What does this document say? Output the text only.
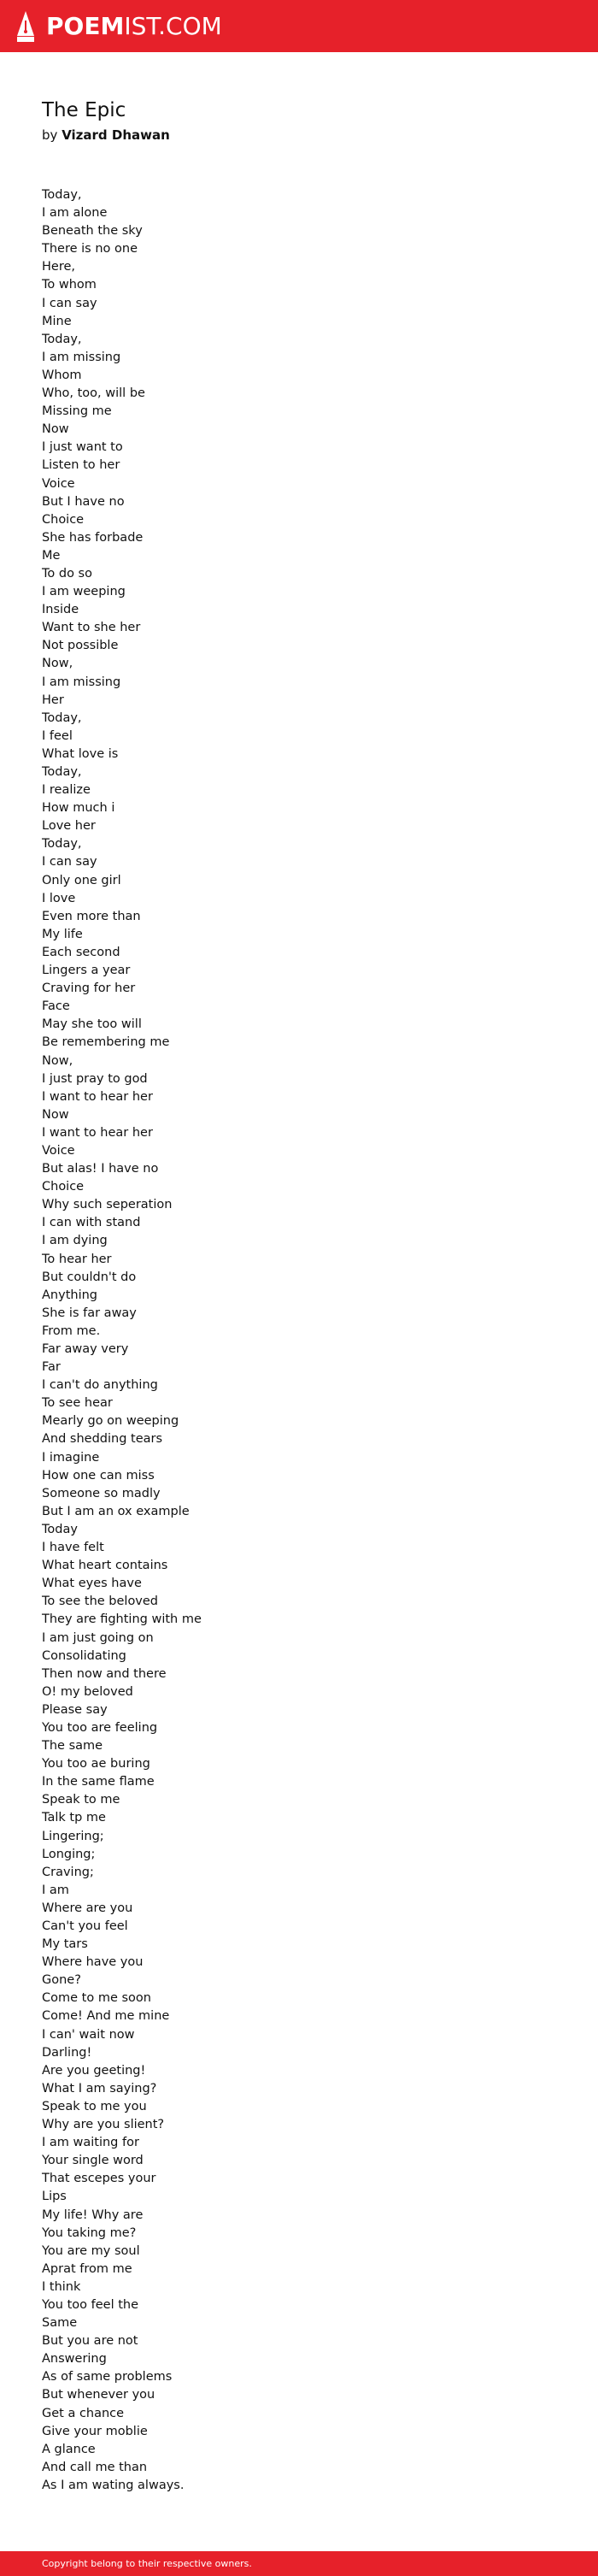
POEMIST.COM
The Epic
by Vizard Dhawan
Today,
I am alone
Beneath the sky
There is no one
Here,
To whom
I can say
Mine
Today,
I am missing
Whom
Who, too, will be
Missing me
Now
I just want to
Listen to her
Voice
But I have no
Choice
She has forbade
Me
To do so
I am weeping
Inside
Want to she her
Not possible
Now,
I am missing
Her
Today,
I feel
What love is
Today,
I realize
How much i
Love her
Today,
I can say
Only one girl
I love
Even more than
My life
Each second
Lingers a year
Craving for her
Face
May she too will
Be remembering me
Now,
I just pray to god
I want to hear her
Now
I want to hear her
Voice
But alas! I have no
Choice
Why such seperation
I can with stand
I am dying
To hear her
But couldn't do
Anything
She is far away
From me.
Far away very
Far
I can't do anything
To see hear
Mearly go on weeping
And shedding tears
I imagine
How one can miss
Someone so madly
But I am an ox example
Today
I have felt
What heart contains
What eyes have
To see the beloved
They are fighting with me
I am just going on
Consolidating
Then now and there
O! my beloved
Please say
You too are feeling
The same
You too ae buring
In the same flame
Speak to me
Talk tp me
Lingering;
Longing;
Craving;
I am
Where are you
Can't you feel
My tars
Where have you
Gone?
Come to me soon
Come! And me mine
I can' wait now
Darling!
Are you geeting!
What I am saying?
Speak to me you
Why are you slient?
I am waiting for
Your single word
That escepes your
Lips
My life! Why are
You taking me?
You are my soul
Aprat from me
I think
You too feel the
Same
But you are not
Answering
As of same problems
But whenever you
Get a chance
Give your moblie
A glance
And call me than
As I am wating always.
Copyright belong to their respective owners.
